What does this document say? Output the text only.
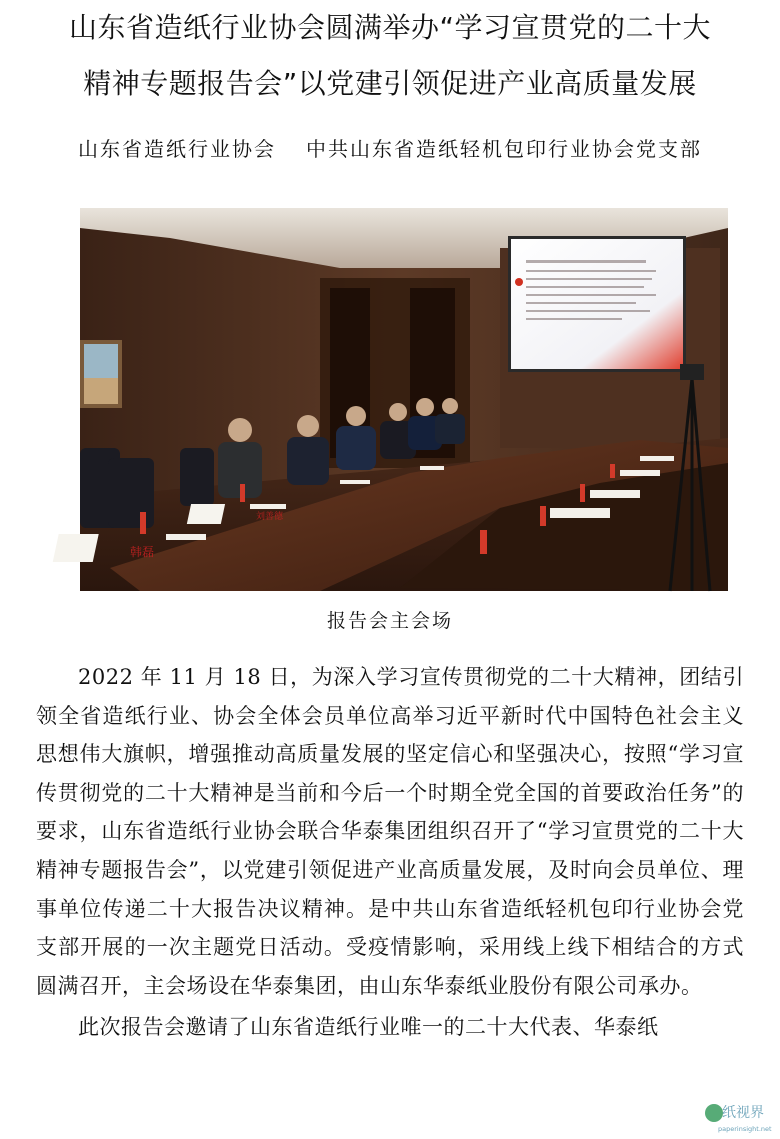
山东省造纸行业协会圆满举办“学习宣贯党的二十大
精神专题报告会”以党建引领促进产业高质量发展
山东省造纸行业协会 中共山东省造纸轻机包印行业协会党支部
韩磊
刘善德
报告会主会场

2022 年 11 月 18 日，为深入学习宣传贯彻党的二十大精神，团结引领全省造纸行业、协会全体会员单位高举习近平新时代中国特色社会主义思想伟大旗帜，增强推动高质量发展的坚定信心和坚强决心，按照“学习宣传贯彻党的二十大精神是当前和今后一个时期全党全国的首要政治任务”的要求，山东省造纸行业协会联合华泰集团组织召开了“学习宣贯党的二十大精神专题报告会”，以党建引领促进产业高质量发展，及时向会员单位、理事单位传递二十大报告决议精神。是中共山东省造纸轻机包印行业协会党支部开展的一次主题党日活动。受疫情影响，采用线上线下相结合的方式圆满召开，主会场设在华泰集团，由山东华泰纸业股份有限公司承办。

此次报告会邀请了山东省造纸行业唯一的二十大代表、华泰纸

纸视界
paperinsight.net
